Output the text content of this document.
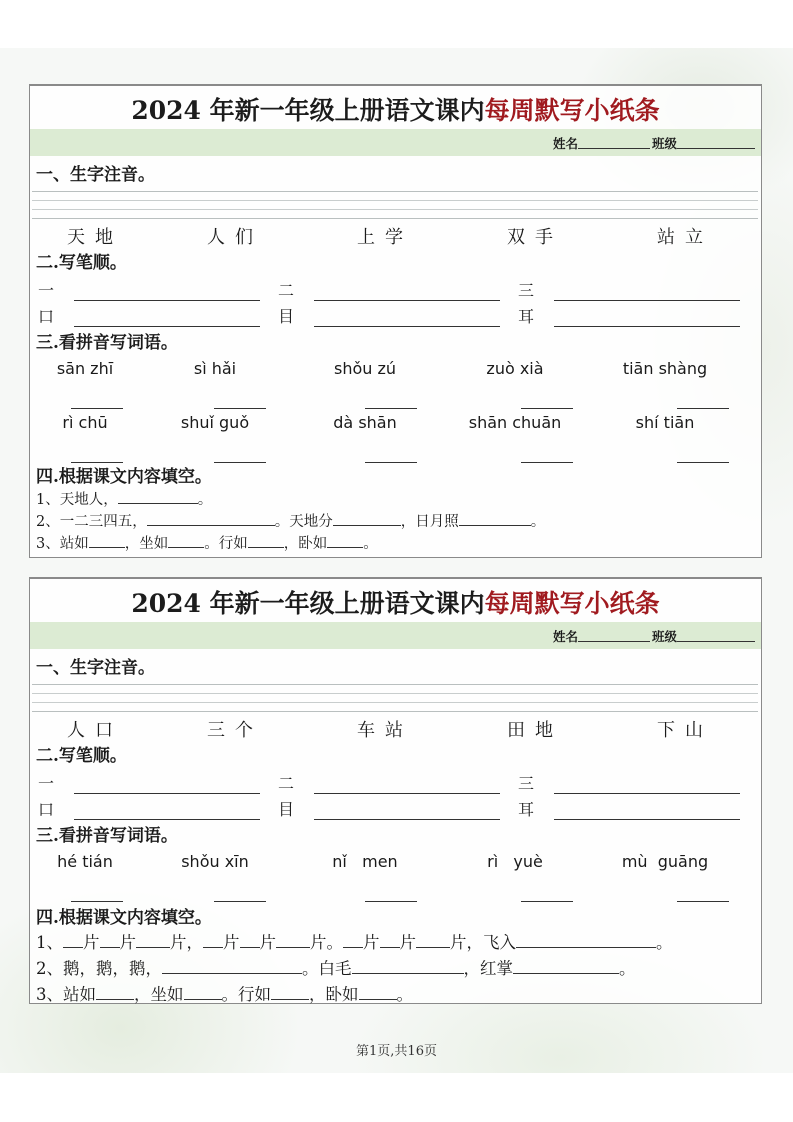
2024 年新一年级上册语文课内 每周默写小纸条
姓名	班级
一、生字注音。
天地	人们	上学	双手	站立
二.写笔顺。
一	二	三
口	目	耳
三.看拼音写词语。
sān zhī	sì hǎi	shǒu zú	zuò xià	tiān shàng
rì chū	shuǐ guǒ	dà shān	shān chuān	shí tiān
四.根据课文内容填空。
1、天地人，	。
2、一二三四五，	。天地分	，日月照	。
3、站如 ，坐如 。行如 ，卧如 。
2024 年新一年级上册语文课内 每周默写小纸条
姓名	班级
一、生字注音。
人口	三个	车站	田地	下山
二.写笔顺。
一	二	三
口	目	耳
三.看拼音写词语。
hé tián	shǒu xīn	nǐ   men	rì   yuè	mù  guāng
四.根据课文内容填空。
1、 片 片 片， 片 片 片。 片 片 片，飞入	。
2、鹅，鹅，鹅，	。白毛	，红掌	。
3、站如 ，坐如 。行如 ，卧如 。
第1页,共16页
